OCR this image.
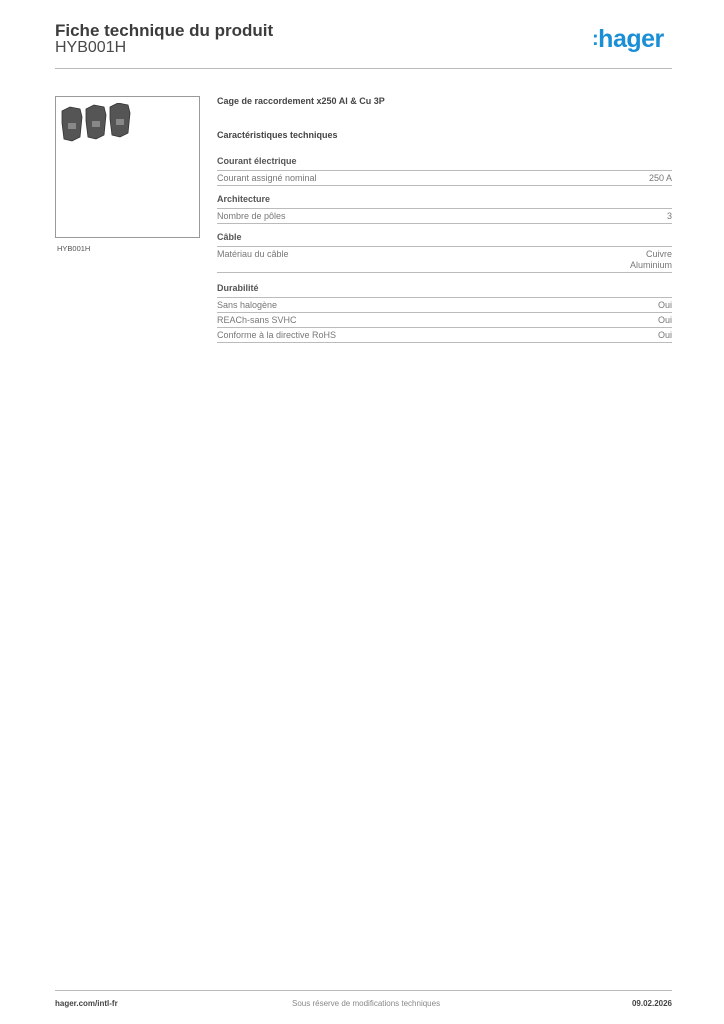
Fiche technique du produit
HYB001H	:hager
HYB001H
Cage de raccordement x250 Al & Cu 3P
Caractéristiques techniques
Courant électrique
Courant assigné nominal	250 A
Architecture
Nombre de pôles	3
Câble
Matériau du câble	Cuivre
Aluminium
Durabilité
Sans halogène	Oui
REACh-sans SVHC	Oui
Conforme à la directive RoHS	Oui
hager.com/intl-fr	Sous réserve de modifications techniques	09.02.2026
